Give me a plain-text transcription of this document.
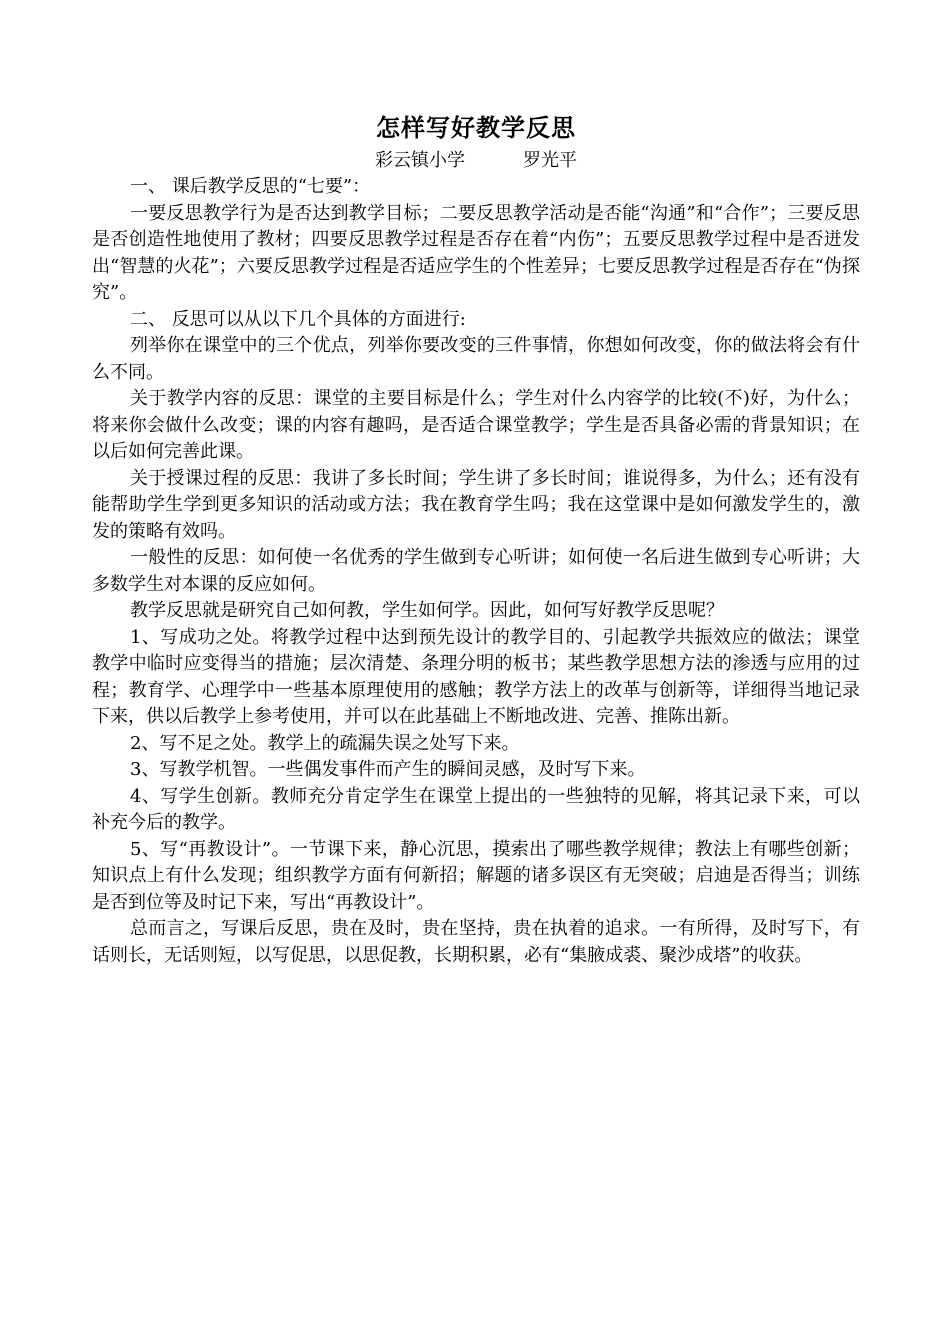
怎样写好教学反思

彩云镇小学	罗光平

一、 课后教学反思的“七要”：

一要反思教学行为是否达到教学目标；二要反思教学活动是否能“沟通”和“合作”；三要反思是否创造性地使用了教材；四要反思教学过程是否存在着“内伤”；五要反思教学过程中是否迸发出“智慧的火花”；六要反思教学过程是否适应学生的个性差异；七要反思教学过程是否存在“伪探究”。

二、 反思可以从以下几个具体的方面进行:

列举你在课堂中的三个优点，列举你要改变的三件事情，你想如何改变，你的做法将会有什么不同。

关于教学内容的反思：课堂的主要目标是什么；学生对什么内容学的比较(不)好，为什么；将来你会做什么改变；课的内容有趣吗，是否适合课堂教学；学生是否具备必需的背景知识；在以后如何完善此课。

关于授课过程的反思：我讲了多长时间；学生讲了多长时间；谁说得多，为什么；还有没有能帮助学生学到更多知识的活动或方法；我在教育学生吗；我在这堂课中是如何激发学生的，激发的策略有效吗。

一般性的反思：如何使一名优秀的学生做到专心听讲；如何使一名后进生做到专心听讲；大多数学生对本课的反应如何。

教学反思就是研究自己如何教，学生如何学。因此，如何写好教学反思呢？

1、写成功之处。将教学过程中达到预先设计的教学目的、引起教学共振效应的做法；课堂教学中临时应变得当的措施；层次清楚、条理分明的板书；某些教学思想方法的渗透与应用的过程；教育学、心理学中一些基本原理使用的感触；教学方法上的改革与创新等，详细得当地记录下来，供以后教学上参考使用，并可以在此基础上不断地改进、完善、推陈出新。

2、写不足之处。教学上的疏漏失误之处写下来。

3、写教学机智。一些偶发事件而产生的瞬间灵感，及时写下来。

4、写学生创新。教师充分肯定学生在课堂上提出的一些独特的见解，将其记录下来，可以补充今后的教学。

5、写“再教设计”。一节课下来，静心沉思，摸索出了哪些教学规律；教法上有哪些创新；知识点上有什么发现；组织教学方面有何新招；解题的诸多误区有无突破；启迪是否得当；训练是否到位等及时记下来，写出“再教设计”。

总而言之，写课后反思，贵在及时，贵在坚持，贵在执着的追求。一有所得，及时写下，有话则长，无话则短，以写促思，以思促教，长期积累，必有“集腋成裘、聚沙成塔”的收获。
